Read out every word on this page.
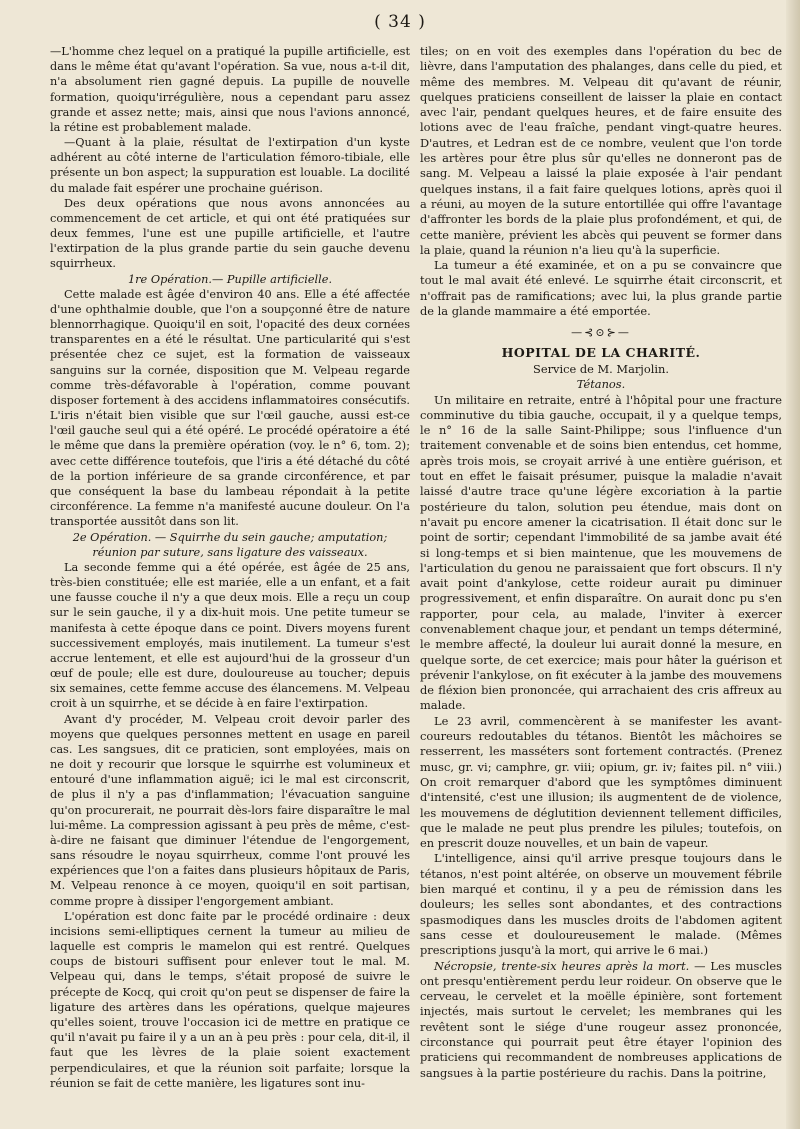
( 34 )

—L'homme chez lequel on a pratiqué la pupille artificielle, est dans le même état qu'avant l'opération. Sa vue, nous a-t-il dit, n'a absolument rien gagné depuis. La pupille de nouvelle formation, quoiqu'irrégulière, nous a cependant paru assez grande et assez nette; mais, ainsi que nous l'avions annoncé, la rétine est probablement malade.

—Quant à la plaie, résultat de l'extirpation d'un kyste adhérent au côté interne de l'articulation fémoro-tibiale, elle présente un bon aspect; la suppuration est louable. La docilité du malade fait espérer une prochaine guérison.

Des deux opérations que nous avons annoncées au commencement de cet article, et qui ont été pratiquées sur deux femmes, l'une est une pupille artificielle, et l'autre l'extirpation de la plus grande partie du sein gauche devenu squirrheux.

1re Opération.— Pupille artificielle.

Cette malade est âgée d'environ 40 ans. Elle a été affectée d'une ophthalmie double, que l'on a soupçonné être de nature blennorrhagique. Quoiqu'il en soit, l'opacité des deux cornées transparentes en a été le résultat. Une particularité qui s'est présentée chez ce sujet, est la formation de vaisseaux sanguins sur la cornée, disposition que M. Velpeau regarde comme très-défavorable à l'opération, comme pouvant disposer fortement à des accidens inflammatoires consécutifs. L'iris n'était bien visible que sur l'œil gauche, aussi est-ce l'œil gauche seul qui a été opéré. Le procédé opératoire a été le même que dans la première opération (voy. le n° 6, tom. 2); avec cette différence toutefois, que l'iris a été détaché du côté de la portion inférieure de sa grande circonférence, et par que conséquent la base du lambeau répondait à la petite circonférence. La femme n'a manifesté aucune douleur. On l'a transportée aussitôt dans son lit.

2e Opération. — Squirrhe du sein gauche; amputation; réunion par suture, sans ligature des vaisseaux.

La seconde femme qui a été opérée, est âgée de 25 ans, très-bien constituée; elle est mariée, elle a un enfant, et a fait une fausse couche il n'y a que deux mois. Elle a reçu un coup sur le sein gauche, il y a dix-huit mois. Une petite tumeur se manifesta à cette époque dans ce point. Divers moyens furent successivement employés, mais inutilement. La tumeur s'est accrue lentement, et elle est aujourd'hui de la grosseur d'un œuf de poule; elle est dure, douloureuse au toucher; depuis six semaines, cette femme accuse des élancemens. M. Velpeau croit à un squirrhe, et se décide à en faire l'extirpation.

Avant d'y procéder, M. Velpeau croit devoir parler des moyens que quelques personnes mettent en usage en pareil cas. Les sangsues, dit ce praticien, sont employées, mais on ne doit y recourir que lorsque le squirrhe est volumineux et entouré d'une inflammation aiguë; ici le mal est circonscrit, de plus il n'y a pas d'inflammation; l'évacuation sanguine qu'on procurerait, ne pourrait dès-lors faire disparaître le mal lui-même. La compression agissant à peu près de même, c'est-à-dire ne faisant que diminuer l'étendue de l'engorgement, sans résoudre le noyau squirrheux, comme l'ont prouvé les expériences que l'on a faites dans plusieurs hôpitaux de Paris, M. Velpeau renonce à ce moyen, quoiqu'il en soit partisan, comme propre à dissiper l'engorgement ambiant.

L'opération est donc faite par le procédé ordinaire : deux incisions semi-elliptiques cernent la tumeur au milieu de laquelle est compris le mamelon qui est rentré. Quelques coups de bistouri suffisent pour enlever tout le mal. M. Velpeau qui, dans le temps, s'était proposé de suivre le précepte de Kocq, qui croit qu'on peut se dispenser de faire la ligature des artères dans les opérations, quelque majeures qu'elles soient, trouve l'occasion ici de mettre en pratique ce qu'il n'avait pu faire il y a un an à peu près : pour cela, dit-il, il faut que les lèvres de la plaie soient exactement perpendiculaires, et que la réunion soit parfaite; lorsque la réunion se fait de cette manière, les ligatures sont inu-

tiles; on en voit des exemples dans l'opération du bec de lièvre, dans l'amputation des phalanges, dans celle du pied, et même des membres. M. Velpeau dit qu'avant de réunir, quelques praticiens conseillent de laisser la plaie en contact avec l'air, pendant quelques heures, et de faire ensuite des lotions avec de l'eau fraîche, pendant vingt-quatre heures. D'autres, et Ledran est de ce nombre, veulent que l'on torde les artères pour être plus sûr qu'elles ne donneront pas de sang. M. Velpeau a laissé la plaie exposée à l'air pendant quelques instans, il a fait faire quelques lotions, après quoi il a réuni, au moyen de la suture entortillée qui offre l'avantage d'affronter les bords de la plaie plus profondément, et qui, de cette manière, prévient les abcès qui peuvent se former dans la plaie, quand la réunion n'a lieu qu'à la superficie.

La tumeur a été examinée, et on a pu se convaincre que tout le mal avait été enlevé. Le squirrhe était circonscrit, et n'offrait pas de ramifications; avec lui, la plus grande partie de la glande mammaire a été emportée.

—⊰⊙⊱—
HOPITAL DE LA CHARITÉ.

Service de M. Marjolin.

Tétanos.

Un militaire en retraite, entré à l'hôpital pour une fracture comminutive du tibia gauche, occupait, il y a quelque temps, le n° 16 de la salle Saint-Philippe; sous l'influence d'un traitement convenable et de soins bien entendus, cet homme, après trois mois, se croyait arrivé à une entière guérison, et tout en effet le faisait présumer, puisque la maladie n'avait laissé d'autre trace qu'une légère excoriation à la partie postérieure du talon, solution peu étendue, mais dont on n'avait pu encore amener la cicatrisation. Il était donc sur le point de sortir; cependant l'immobilité de sa jambe avait été si long-temps et si bien maintenue, que les mouvemens de l'articulation du genou ne paraissaient que fort obscurs. Il n'y avait point d'ankylose, cette roideur aurait pu diminuer progressivement, et enfin disparaître. On aurait donc pu s'en rapporter, pour cela, au malade, l'inviter à exercer convenablement chaque jour, et pendant un temps déterminé, le membre affecté, la douleur lui aurait donné la mesure, en quelque sorte, de cet exercice; mais pour hâter la guérison et prévenir l'ankylose, on fit exécuter à la jambe des mouvemens de fléxion bien prononcée, qui arrachaient des cris affreux au malade.

Le 23 avril, commencèrent à se manifester les avant-coureurs redoutables du tétanos. Bientôt les mâchoires se resserrent, les masséters sont fortement contractés. (Prenez musc, gr. vi; camphre, gr. viii; opium, gr. iv; faites pil. n° viii.) On croit remarquer d'abord que les symptômes diminuent d'intensité, c'est une illusion; ils augmentent de de violence, les mouvemens de déglutition deviennent tellement difficiles, que le malade ne peut plus prendre les pilules; toutefois, on en prescrit douze nouvelles, et un bain de vapeur.

L'intelligence, ainsi qu'il arrive presque toujours dans le tétanos, n'est point altérée, on observe un mouvement fébrile bien marqué et continu, il y a peu de rémission dans les douleurs; les selles sont abondantes, et des contractions spasmodiques dans les muscles droits de l'abdomen agitent sans cesse et douloureusement le malade. (Mêmes prescriptions jusqu'à la mort, qui arrive le 6 mai.)

Nécropsie, trente-six heures après la mort. — Les muscles ont presqu'entièrement perdu leur roideur. On observe que le cerveau, le cervelet et la moëlle épinière, sont fortement injectés, mais surtout le cervelet; les membranes qui les revêtent sont le siége d'une rougeur assez prononcée, circonstance qui pourrait peut être étayer l'opinion des praticiens qui recommandent de nombreuses applications de sangsues à la partie postérieure du rachis. Dans la poitrine,
